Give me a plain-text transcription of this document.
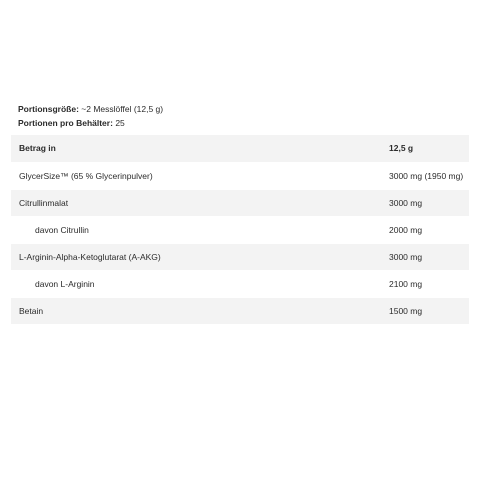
Portionsgröße: ~2 Messlöffel (12,5 g)
Portionen pro Behälter: 25
Betrag in	12,5 g
GlycerSize™ (65 % Glycerinpulver)	3000 mg (1950 mg)
Citrullinmalat	3000 mg
davon Citrullin	2000 mg
L-Arginin-Alpha-Ketoglutarat (A-AKG)	3000 mg
davon L-Arginin	2100 mg
Betain	1500 mg
